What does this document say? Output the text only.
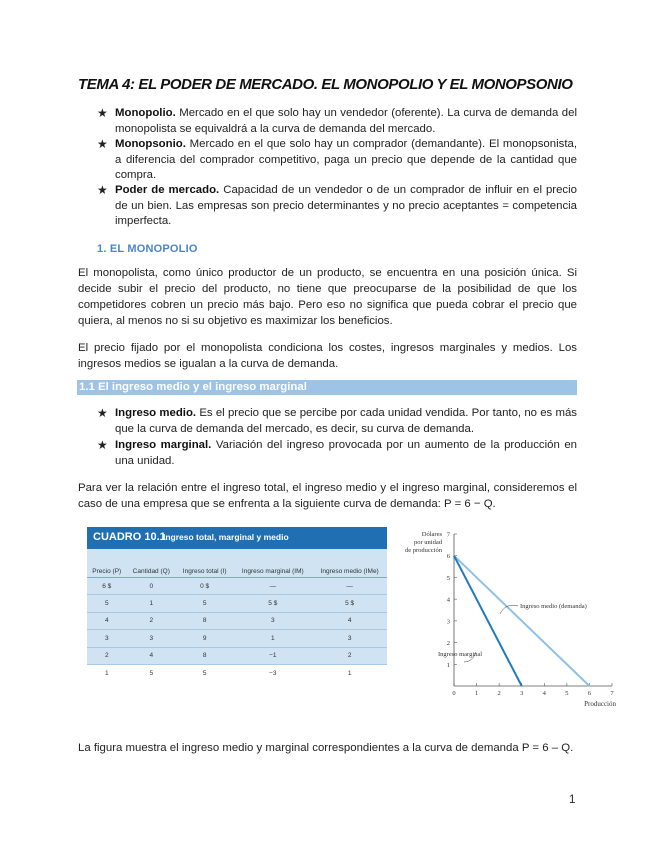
TEMA 4: EL PODER DE MERCADO. EL MONOPOLIO Y EL MONOPSONIO
★ Monopolio. Mercado en el que solo hay un vendedor (oferente). La curva de demanda del monopolista se equivaldrá a la curva de demanda del mercado.
★ Monopsonio. Mercado en el que solo hay un comprador (demandante). El monopsonista, a diferencia del comprador competitivo, paga un precio que depende de la cantidad que compra.
★ Poder de mercado. Capacidad de un vendedor o de un comprador de influir en el precio de un bien. Las empresas son precio determinantes y no precio aceptantes = competencia imperfecta.
1. EL MONOPOLIO
El monopolista, como único productor de un producto, se encuentra en una posición única. Si decide subir el precio del producto, no tiene que preocuparse de la posibilidad de que los competidores cobren un precio más bajo. Pero eso no significa que pueda cobrar el precio que quiera, al menos no si su objetivo es maximizar los beneficios.
El precio fijado por el monopolista condiciona los costes, ingresos marginales y medios. Los ingresos medios se igualan a la curva de demanda.
1.1 El ingreso medio y el ingreso marginal
★ Ingreso medio. Es el precio que se percibe por cada unidad vendida. Por tanto, no es más que la curva de demanda del mercado, es decir, su curva de demanda.
★ Ingreso marginal. Variación del ingreso provocada por un aumento de la producción en una unidad.
Para ver la relación entre el ingreso total, el ingreso medio y el ingreso marginal, consideremos el caso de una empresa que se enfrenta a la siguiente curva de demanda: P = 6 − Q.
CUADRO 10.1
Ingreso total, marginal y medio
Precio (P)	Cantidad (Q)	Ingreso total (I)	Ingreso marginal (IM)	Ingreso medio (IMe)
6 $	0	0 $	—	—
5	1	5	5 $	5 $
4	2	8	3	4
3	3	9	1	3
2	4	8	−1	2
1	5	5	−3	1
Dólares
por unidad
de producción
0	1	2	3	4	5	6	7
1
2
3
4
5
6
7
Producción
Ingreso medio (demanda)
Ingreso marginal
La figura muestra el ingreso medio y marginal correspondientes a la curva de demanda P = 6 – Q.
1
